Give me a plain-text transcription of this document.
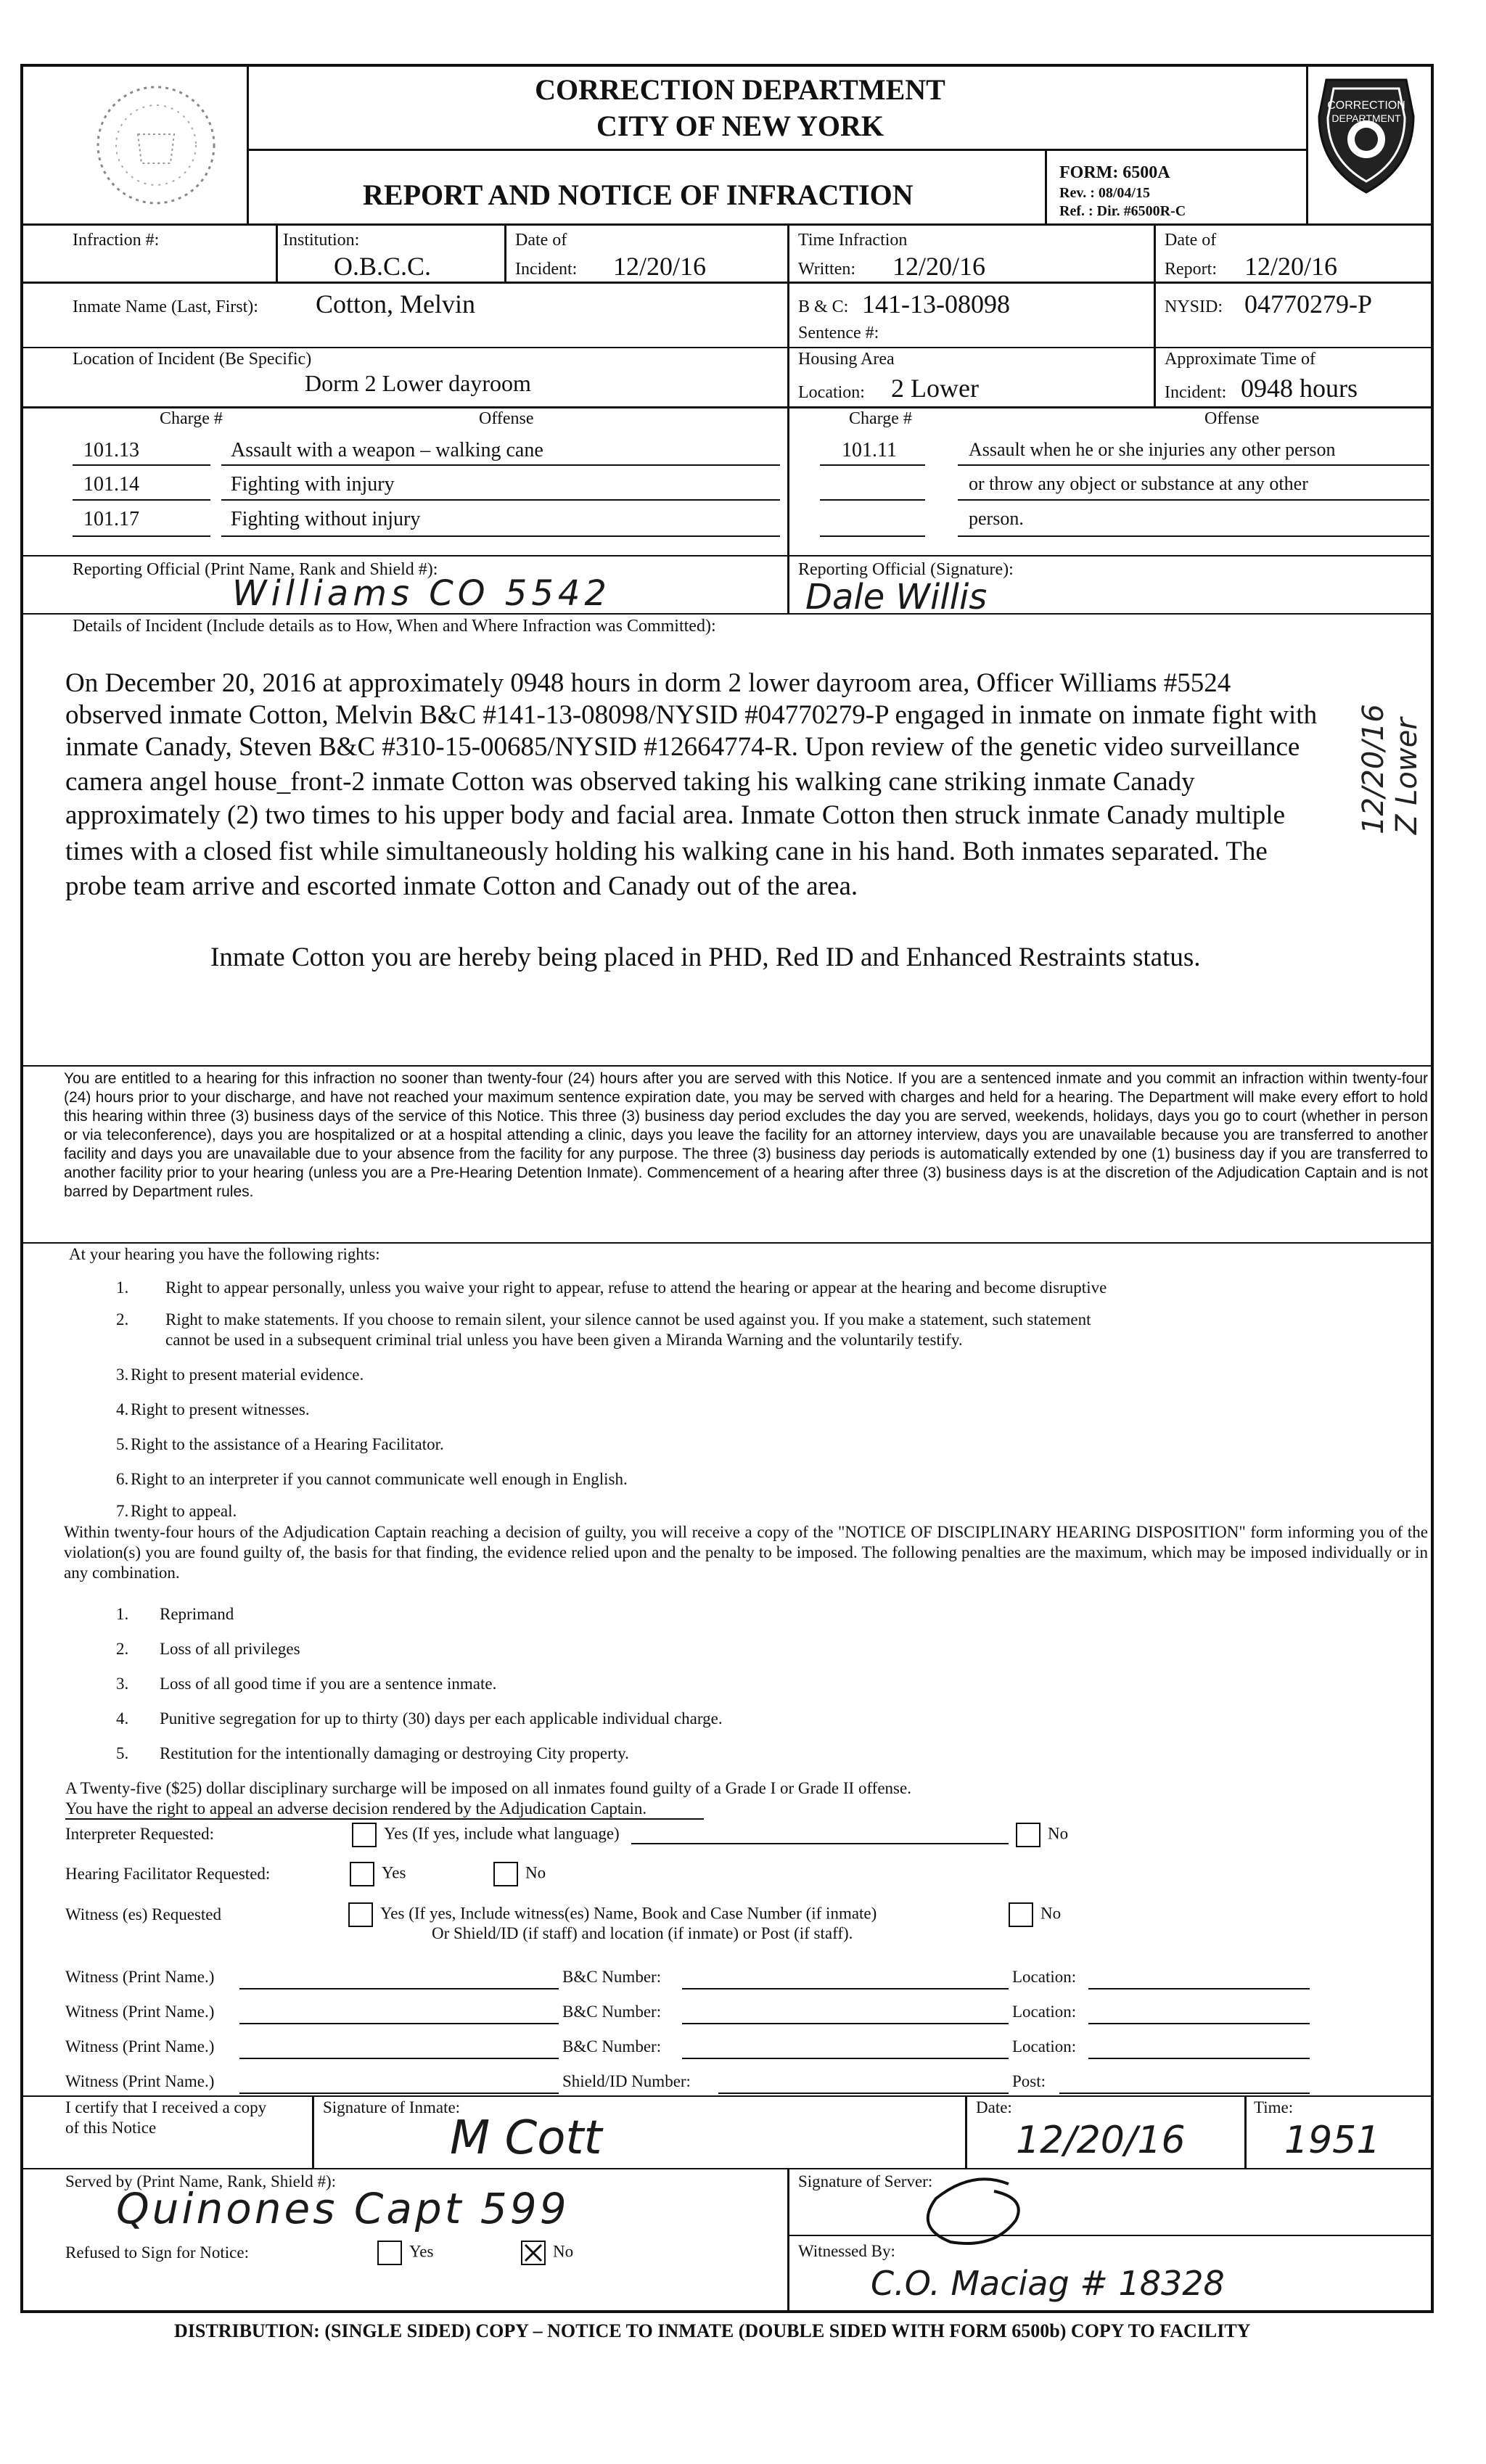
CORRECTION
DEPARTMENT
CORRECTION DEPARTMENT
CITY OF NEW YORK
REPORT AND NOTICE OF INFRACTION
FORM: 6500A
Rev. : 08/04/15
Ref. : Dir. #6500R-C
Infraction #:	Institution:
O.B.C.C.
Date of
Incident: 12/20/16
Time Infraction
Written: 12/20/16
Date of
Report: 12/20/16
Inmate Name (Last, First): Cotton, Melvin	B & C: 141-13-08098
Sentence #:
NYSID: 04770279-P
Location of Incident (Be Specific)
Dorm 2 Lower dayroom
Housing Area
Location: 2 Lower
Approximate Time of
Incident: 0948 hours
Charge #	Offense	Charge #	Offense
101.13	Assault with a weapon – walking cane
101.14	Fighting with injury
101.17	Fighting without injury
101.11	Assault when he or she injuries any other person
or throw any object or substance at any other
person.
Reporting Official (Print Name, Rank and Shield #):
Williams CO 5542
Reporting Official (Signature):
Dale Willis
Details of Incident (Include details as to How, When and Where Infraction was Committed):
On December 20, 2016 at approximately 0948 hours in dorm 2 lower dayroom area, Officer Williams #5524
observed inmate Cotton, Melvin B&C #141-13-08098/NYSID #04770279-P engaged in inmate on inmate fight with
inmate Canady, Steven B&C #310-15-00685/NYSID #12664774-R. Upon review of the genetic video surveillance
camera angel house_front-2 inmate Cotton was observed taking his walking cane striking inmate Canady
approximately (2) two times to his upper body and facial area. Inmate Cotton then struck inmate Canady multiple
times with a closed fist while simultaneously holding his walking cane in his hand. Both inmates separated. The
probe team arrive and escorted inmate Cotton and Canady out of the area.
Inmate Cotton you are hereby being placed in PHD, Red ID and Enhanced Restraints status.
You are entitled to a hearing for this infraction no sooner than twenty-four (24) hours after you are served with this Notice. If you are a sentenced inmate and you commit an infraction within twenty-four (24) hours prior to your discharge, and have not reached your maximum sentence expiration date, you may be served with charges and held for a hearing. The Department will make every effort to hold this hearing within three (3) business days of the service of this Notice. This three (3) business day period excludes the day you are served, weekends, holidays, days you go to court (whether in person or via teleconference), days you are hospitalized or at a hospital attending a clinic, days you leave the facility for an attorney interview, days you are unavailable because you are transferred to another facility and days you are unavailable due to your absence from the facility for any purpose. The three (3) business day periods is automatically extended by one (1) business day if you are transferred to another facility prior to your hearing (unless you are a Pre-Hearing Detention Inmate). Commencement of a hearing after three (3) business days is at the discretion of the Adjudication Captain and is not barred by Department rules.
At your hearing you have the following rights:
1. Right to appear personally, unless you waive your right to appear, refuse to attend the hearing or appear at the hearing and become disruptive
2. Right to make statements. If you choose to remain silent, your silence cannot be used against you. If you make a statement, such statement
cannot be used in a subsequent criminal trial unless you have been given a Miranda Warning and the voluntarily testify.
3. Right to present material evidence.
4. Right to present witnesses.
5. Right to the assistance of a Hearing Facilitator.
6. Right to an interpreter if you cannot communicate well enough in English.
7. Right to appeal.
Within twenty-four hours of the Adjudication Captain reaching a decision of guilty, you will receive a copy of the "NOTICE OF DISCIPLINARY HEARING DISPOSITION" form informing you of the violation(s) you are found guilty of, the basis for that finding, the evidence relied upon and the penalty to be imposed. The following penalties are the maximum, which may be imposed individually or in any combination.
1. Reprimand
2. Loss of all privileges
3. Loss of all good time if you are a sentence inmate.
4. Punitive segregation for up to thirty (30) days per each applicable individual charge.
5. Restitution for the intentionally damaging or destroying City property.
A Twenty-five ($25) dollar disciplinary surcharge will be imposed on all inmates found guilty of a Grade I or Grade II offense.
You have the right to appeal an adverse decision rendered by the Adjudication Captain.
Interpreter Requested:	Yes (If yes, include what language)	No
Hearing Facilitator Requested:	Yes	No
Witness (es) Requested	Yes (If yes, Include witness(es) Name, Book and Case Number (if inmate)
Or Shield/ID (if staff) and location (if inmate) or Post (if staff).
No
Witness (Print Name.)	B&C Number:	Location:
Witness (Print Name.)	B&C Number:	Location:
Witness (Print Name.)	B&C Number:	Location:
Witness (Print Name.)	Shield/ID Number:	Post:
I certify that I received a copy
of this Notice
Signature of Inmate:
M Cott
Date:
12/20/16
Time:
1951
Served by (Print Name, Rank, Shield #):
Quinones Capt 599
Signature of Server:
Refused to Sign for Notice:	Yes	No	Witnessed By:
C.O. Maciag # 18328
DISTRIBUTION: (SINGLE SIDED) COPY – NOTICE TO INMATE (DOUBLE SIDED WITH FORM 6500b) COPY TO FACILITY
12/20/16 Z Lower
